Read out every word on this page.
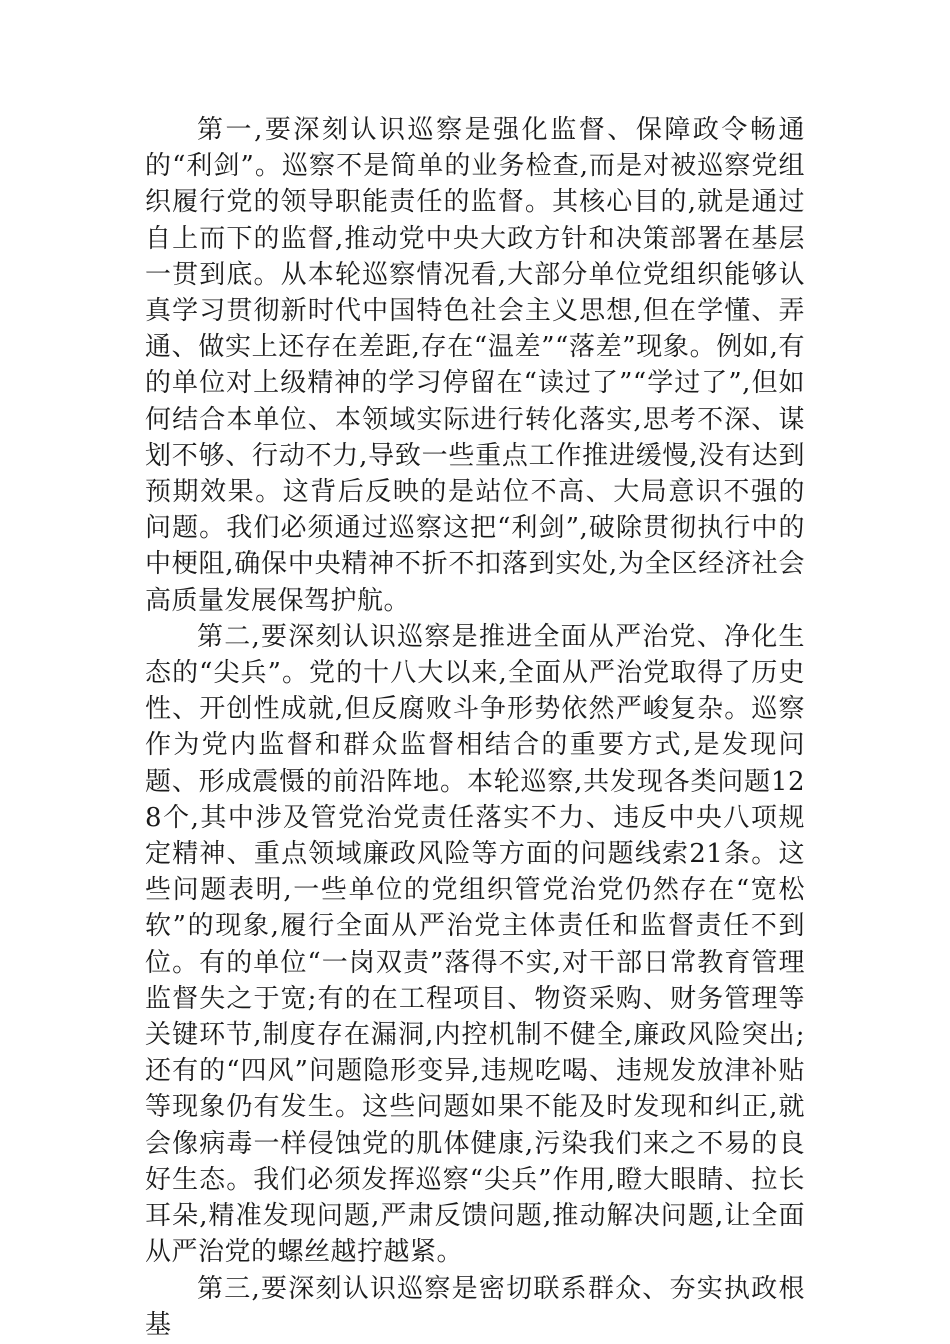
第一,要深刻认识巡察是强化监督、保障政令畅通的“利剑”。巡察不是简单的业务检查,而是对被巡察党组织履行党的领导职能责任的监督。其核心目的,就是通过自上而下的监督,推动党中央大政方针和决策部署在基层一贯到底。从本轮巡察情况看,大部分单位党组织能够认真学习贯彻新时代中国特色社会主义思想,但在学懂、弄通、做实上还存在差距,存在“温差”“落差”现象。例如,有的单位对上级精神的学习停留在“读过了”“学过了”,但如何结合本单位、本领域实际进行转化落实,思考不深、谋划不够、行动不力,导致一些重点工作推进缓慢,没有达到预期效果。这背后反映的是站位不高、大局意识不强的问题。我们必须通过巡察这把“利剑”,破除贯彻执行中的中梗阻,确保中央精神不折不扣落到实处,为全区经济社会高质量发展保驾护航。

第二,要深刻认识巡察是推进全面从严治党、净化生态的“尖兵”。党的十八大以来,全面从严治党取得了历史性、开创性成就,但反腐败斗争形势依然严峻复杂。巡察作为党内监督和群众监督相结合的重要方式,是发现问题、形成震慑的前沿阵地。本轮巡察,共发现各类问题128个,其中涉及管党治党责任落实不力、违反中央八项规定精神、重点领域廉政风险等方面的问题线索21条。这些问题表明,一些单位的党组织管党治党仍然存在“宽松软”的现象,履行全面从严治党主体责任和监督责任不到位。有的单位“一岗双责”落得不实,对干部日常教育管理监督失之于宽;有的在工程项目、物资采购、财务管理等关键环节,制度存在漏洞,内控机制不健全,廉政风险突出;还有的“四风”问题隐形变异,违规吃喝、违规发放津补贴等现象仍有发生。这些问题如果不能及时发现和纠正,就会像病毒一样侵蚀党的肌体健康,污染我们来之不易的良好生态。我们必须发挥巡察“尖兵”作用,瞪大眼睛、拉长耳朵,精准发现问题,严肃反馈问题,推动解决问题,让全面从严治党的螺丝越拧越紧。

第三,要深刻认识巡察是密切联系群众、夯实执政根基
